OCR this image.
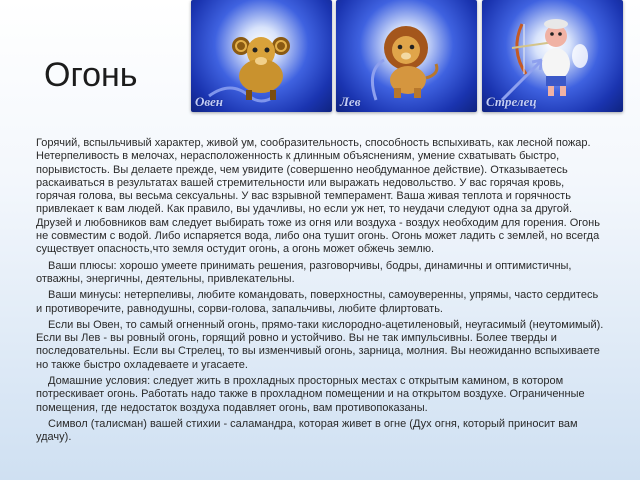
Огонь
Овен	Лев	Стрелец

Горячий, вспыльчивый характер, живой ум, сообразительность, способность вспыхивать, как лесной пожар. Нетерпеливость в мелочах, нерасположенность к длинным объяснениям, умение схватывать быстро, порывистость. Вы делаете прежде, чем увидите (совершенно необдуманное действие). Отказываетесь раскаиваться в результатах вашей стремительности или выражать недовольство. У вас горячая кровь, горячая голова, вы весьма сексуальны. У вас взрывной темперамент. Ваша живая теплота и горячность привлекает к вам людей. Как правило, вы удачливы, но если уж нет, то неудачи следуют одна за другой. Друзей и любовников вам следует выбирать тоже из огня или воздуха - воздух необходим для горения. Огонь не совместим с водой. Либо испаряется вода, либо она тушит огонь. Огонь может ладить с землей, но всегда существует опасность,что земля остудит огонь, а огонь может обжечь землю.

Ваши плюсы: хорошо умеете принимать решения, разговорчивы, бодры, динамичны и оптимистичны, отважны, энергичны, деятельны, привлекательны.

Ваши минусы: нетерпеливы, любите командовать, поверхностны, самоуверенны, упрямы, часто сердитесь и противоречите, равнодушны, сорви-голова, запальчивы, любите флиртовать.

Если вы Овен, то самый огненный огонь, прямо-таки кислородно-ацетиленовый, неугасимый (неутомимый). Если вы Лев - вы ровный огонь, горящий ровно и устойчиво. Вы не так импульсивны. Более тверды и последовательны. Если вы Стрелец, то вы изменчивый огонь, зарница, молния. Вы неожиданно вспыхиваете но также быстро охладеваете и угасаете.

Домашние условия: следует жить в прохладных просторных местах с открытым камином, в котором потрескивает огонь. Работать надо также в прохладном помещении и на открытом воздухе. Ограниченные помещения, где недостаток воздуха подавляет огонь, вам противопоказаны.

Символ (талисман) вашей стихии - саламандра, которая живет в огне (Дух огня, который приносит вам удачу).
